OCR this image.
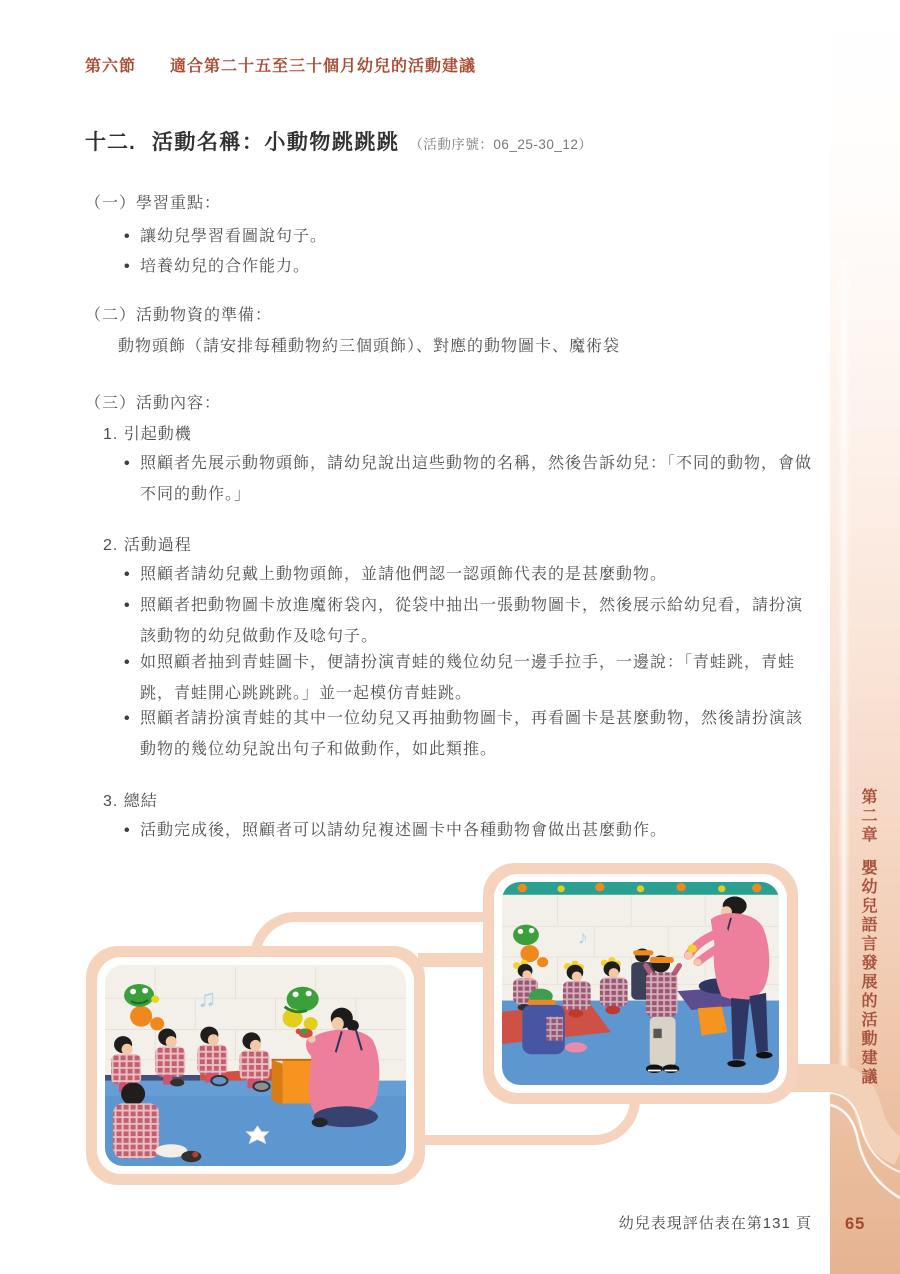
第六節 適合第二十五至三十個月幼兒的活動建議
十二. 活動名稱：小動物跳跳跳 （活動序號：06_25-30_12）
（一）學習重點：
• 讓幼兒學習看圖說句子。
• 培養幼兒的合作能力。
（二）活動物資的準備：
動物頭飾（請安排每種動物約三個頭飾）、對應的動物圖卡、魔術袋
（三）活動內容：
1. 引起動機
• 照顧者先展示動物頭飾，請幼兒說出這些動物的名稱，然後告訴幼兒：「不同的動物，會做不同的動作。」
2. 活動過程
• 照顧者請幼兒戴上動物頭飾，並請他們認一認頭飾代表的是甚麼動物。
• 照顧者把動物圖卡放進魔術袋內，從袋中抽出一張動物圖卡，然後展示給幼兒看，請扮演該動物的幼兒做動作及唸句子。
• 如照顧者抽到青蛙圖卡，便請扮演青蛙的幾位幼兒一邊手拉手，一邊說：「青蛙跳，青蛙跳，青蛙開心跳跳跳。」並一起模仿青蛙跳。
• 照顧者請扮演青蛙的其中一位幼兒又再抽動物圖卡，再看圖卡是甚麼動物，然後請扮演該動物的幾位幼兒說出句子和做動作，如此類推。
3. 總結
• 活動完成後，照顧者可以請幼兒複述圖卡中各種動物會做出甚麼動作。
♫
♪
第二章嬰幼兒語言發展的活動建議
65
幼兒表現評估表在第131 頁
